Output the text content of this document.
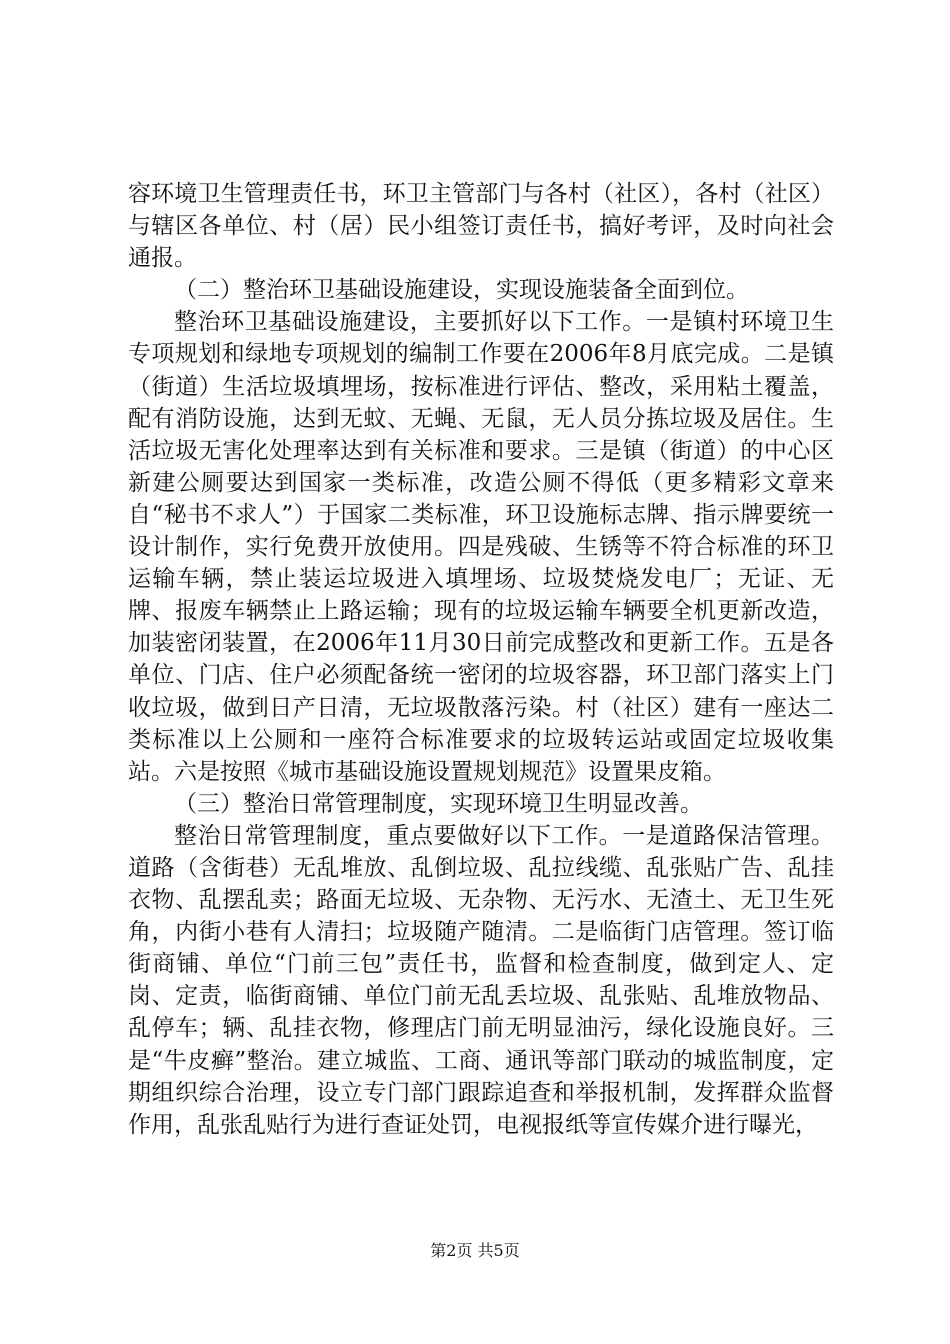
容环境卫生管理责任书，环卫主管部门与各村（社区），各村（社区）与辖区各单位、村（居）民小组签订责任书，搞好考评，及时向社会通报。

（二）整治环卫基础设施建设，实现设施装备全面到位。

整治环卫基础设施建设，主要抓好以下工作。一是镇村环境卫生专项规划和绿地专项规划的编制工作要在2006年8月底完成。二是镇（街道）生活垃圾填埋场，按标准进行评估、整改，采用粘土覆盖，配有消防设施，达到无蚊、无蝇、无鼠，无人员分拣垃圾及居住。生活垃圾无害化处理率达到有关标准和要求。三是镇（街道）的中心区新建公厕要达到国家一类标准，改造公厕不得低（更多精彩文章来自“秘书不求人”）于国家二类标准，环卫设施标志牌、指示牌要统一设计制作，实行免费开放使用。四是残破、生锈等不符合标准的环卫运输车辆，禁止装运垃圾进入填埋场、垃圾焚烧发电厂；无证、无牌、报废车辆禁止上路运输；现有的垃圾运输车辆要全机更新改造，加装密闭装置，在2006年11月30日前完成整改和更新工作。五是各单位、门店、住户必须配备统一密闭的垃圾容器，环卫部门落实上门收垃圾，做到日产日清，无垃圾散落污染。村（社区）建有一座达二类标准以上公厕和一座符合标准要求的垃圾转运站或固定垃圾收集站。六是按照《城市基础设施设置规划规范》设置果皮箱。

（三）整治日常管理制度，实现环境卫生明显改善。

整治日常管理制度，重点要做好以下工作。一是道路保洁管理。道路（含街巷）无乱堆放、乱倒垃圾、乱拉线缆、乱张贴广告、乱挂衣物、乱摆乱卖；路面无垃圾、无杂物、无污水、无渣土、无卫生死角，内街小巷有人清扫；垃圾随产随清。二是临街门店管理。签订临街商铺、单位“门前三包”责任书，监督和检查制度，做到定人、定岗、定责，临街商铺、单位门前无乱丢垃圾、乱张贴、乱堆放物品、乱停车；辆、乱挂衣物，修理店门前无明显油污，绿化设施良好。三是“牛皮癣”整治。建立城监、工商、通讯等部门联动的城监制度，定期组织综合治理，设立专门部门跟踪追查和举报机制，发挥群众监督作用，乱张乱贴行为进行查证处罚，电视报纸等宣传媒介进行曝光，

第2页 共5页
